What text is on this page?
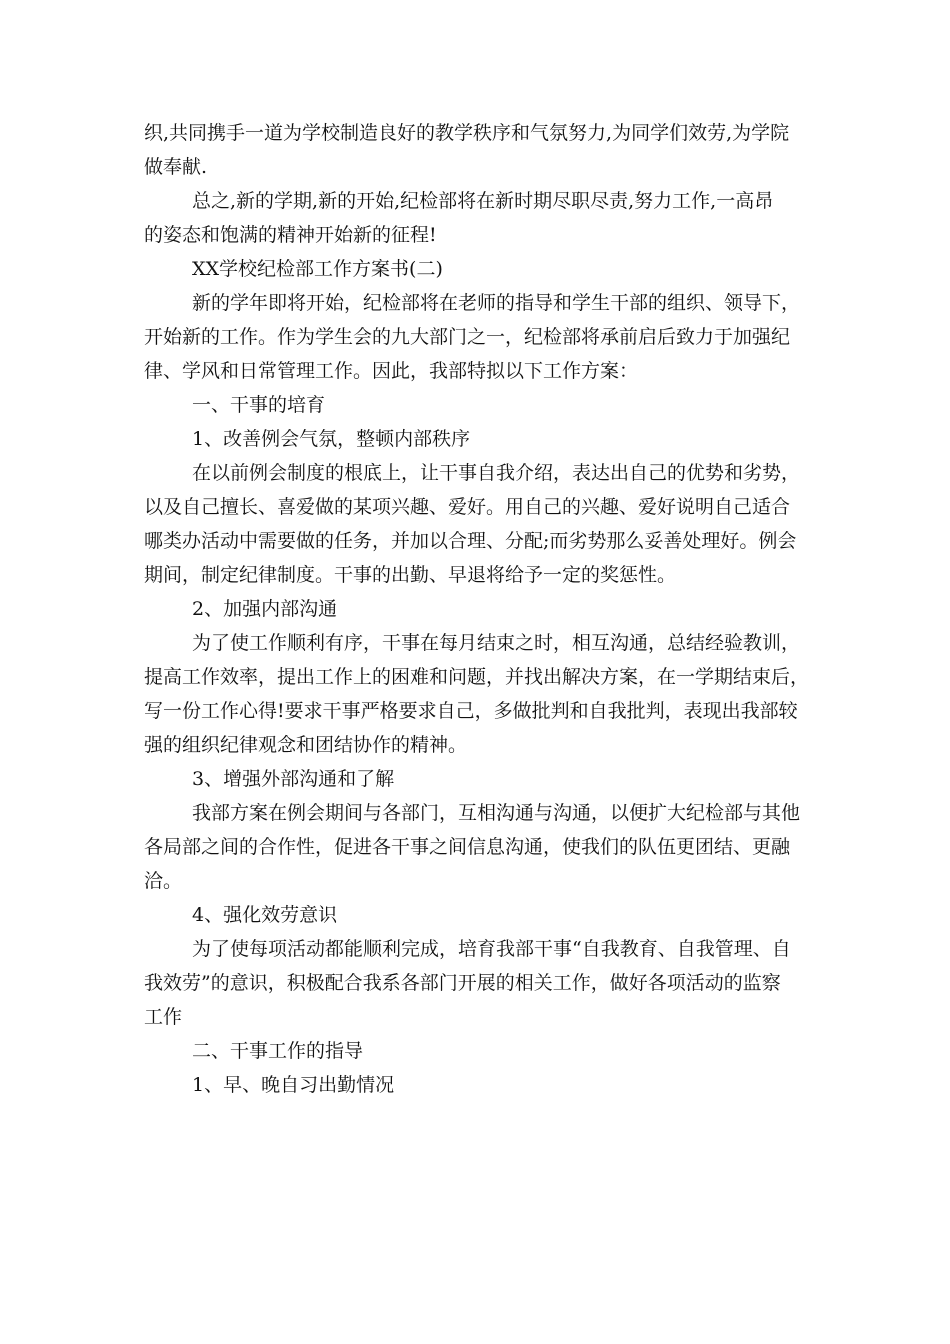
织,共同携手一道为学校制造良好的教学秩序和气氛努力,为同学们效劳,为学院

做奉献.

总之,新的学期,新的开始,纪检部将在新时期尽职尽责,努力工作,一高昂

的姿态和饱满的精神开始新的征程!

XX学校纪检部工作方案书(二)

新的学年即将开始，纪检部将在老师的指导和学生干部的组织、领导下，

开始新的工作。作为学生会的九大部门之一，纪检部将承前启后致力于加强纪

律、学风和日常管理工作。因此，我部特拟以下工作方案：

一、干事的培育

1、改善例会气氛，整顿内部秩序

在以前例会制度的根底上，让干事自我介绍，表达出自己的优势和劣势，

以及自己擅长、喜爱做的某项兴趣、爱好。用自己的兴趣、爱好说明自己适合

哪类办活动中需要做的任务，并加以合理、分配;而劣势那么妥善处理好。例会

期间，制定纪律制度。干事的出勤、早退将给予一定的奖惩性。

2、加强内部沟通

为了使工作顺利有序，干事在每月结束之时，相互沟通，总结经验教训，

提高工作效率，提出工作上的困难和问题，并找出解决方案，在一学期结束后，

写一份工作心得!要求干事严格要求自己，多做批判和自我批判，表现出我部较

强的组织纪律观念和团结协作的精神。

3、增强外部沟通和了解

我部方案在例会期间与各部门，互相沟通与沟通，以便扩大纪检部与其他

各局部之间的合作性，促进各干事之间信息沟通，使我们的队伍更团结、更融

洽。

4、强化效劳意识

为了使每项活动都能顺利完成，培育我部干事“自我教育、自我管理、自

我效劳”的意识，积极配合我系各部门开展的相关工作，做好各项活动的监察

工作

二、干事工作的指导

1、早、晚自习出勤情况
